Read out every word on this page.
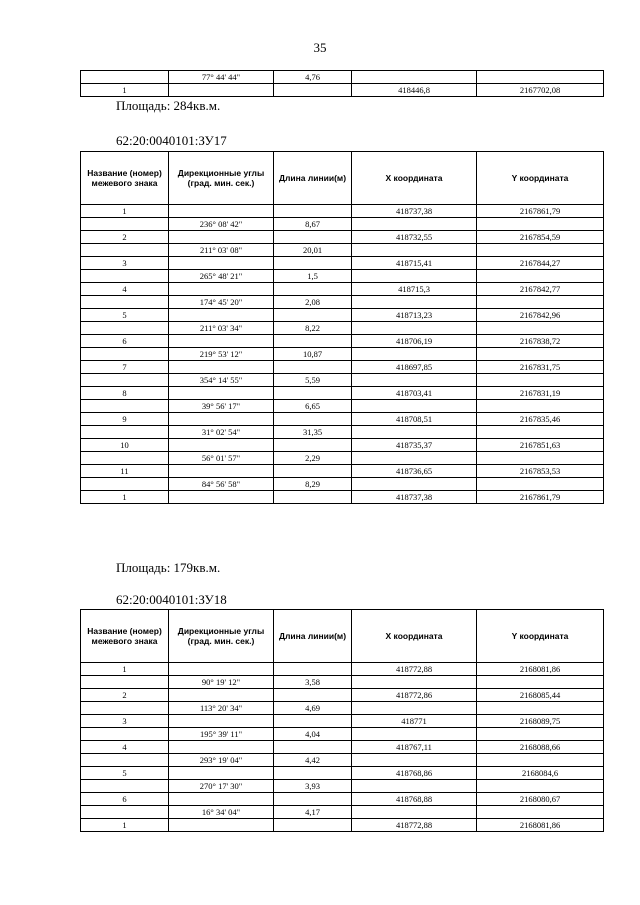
35
	77° 44' 44"	4,76		
1			418446,8	2167702,08
Площадь: 284кв.м.
62:20:0040101:ЗУ17
Название (номер) межевого знака	Дирекционные углы (град. мин. сек.)	Длина линии(м)	X координата	Y координата
1			418737,38	2167861,79
	236° 08' 42"	8,67		
2			418732,55	2167854,59
	211° 03' 08"	20,01		
3			418715,41	2167844,27
	265° 48' 21"	1,5		
4			418715,3	2167842,77
	174° 45' 20"	2,08		
5			418713,23	2167842,96
	211° 03' 34"	8,22		
6			418706,19	2167838,72
	219° 53' 12"	10,87		
7			418697,85	2167831,75
	354° 14' 55"	5,59		
8			418703,41	2167831,19
	39° 56' 17"	6,65		
9			418708,51	2167835,46
	31° 02' 54"	31,35		
10			418735,37	2167851,63
	56° 01' 57"	2,29		
11			418736,65	2167853,53
	84° 56' 58"	8,29		
1			418737,38	2167861,79
Площадь: 179кв.м.
62:20:0040101:ЗУ18
Название (номер) межевого знака	Дирекционные углы (град. мин. сек.)	Длина линии(м)	X координата	Y координата
1			418772,88	2168081,86
	90° 19' 12"	3,58		
2			418772,86	2168085,44
	113° 20' 34"	4,69		
3			418771	2168089,75
	195° 39' 11"	4,04		
4			418767,11	2168088,66
	293° 19' 04"	4,42		
5			418768,86	2168084,6
	270° 17' 30"	3,93		
6			418768,88	2168080,67
	16° 34' 04"	4,17		
1			418772,88	2168081,86
